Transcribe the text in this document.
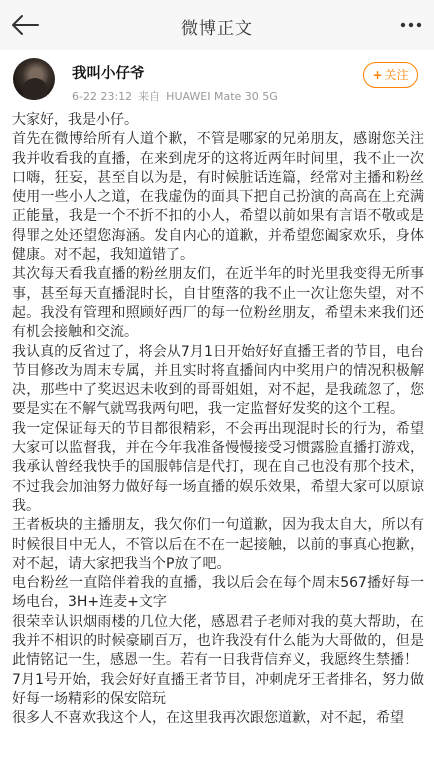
微博正文
我叫小仔爷
6-22 23:12 来自 HUAWEI Mate 30 5G
+ 关注

大家好，我是小仔。

首先在微博给所有人道个歉，不管是哪家的兄弟朋友，感谢您关注我并收看我的直播，在来到虎牙的这将近两年时间里，我不止一次口嗨，狂妄，甚至自以为是，有时候脏话连篇，经常对主播和粉丝使用一些小人之道，在我虚伪的面具下把自己扮演的高高在上充满正能量，我是一个不折不扣的小人，希望以前如果有言语不敬或是得罪之处还望您海涵。发自内心的道歉，并希望您阖家欢乐，身体健康。对不起，我知道错了。

其次每天看我直播的粉丝朋友们，在近半年的时光里我变得无所事事，甚至每天直播混时长，自甘堕落的我不止一次让您失望，对不起。我没有管理和照顾好西厂的每一位粉丝朋友，希望未来我们还有机会接触和交流。

我认真的反省过了，将会从7月1日开始好好直播王者的节目，电台节目修改为周末专属，并且实时将直播间内中奖用户的情况积极解决，那些中了奖迟迟未收到的哥哥姐姐，对不起，是我疏忽了，您要是实在不解气就骂我两句吧，我一定监督好发奖的这个工程。

我一定保证每天的节目都很精彩，不会再出现混时长的行为，希望大家可以监督我，并在今年我准备慢慢接受习惯露脸直播打游戏，我承认曾经我快手的国服韩信是代打，现在自己也没有那个技术，不过我会加油努力做好每一场直播的娱乐效果，希望大家可以原谅我。

王者板块的主播朋友，我欠你们一句道歉，因为我太自大，所以有时候很目中无人，不管以后在不在一起接触，以前的事真心抱歉，对不起，请大家把我当个P放了吧。

电台粉丝一直陪伴着我的直播，我以后会在每个周末567播好每一场电台，3H+连麦+文字

很荣幸认识烟雨楼的几位大佬，感恩君子老师对我的莫大帮助，在我并不相识的时候豪刷百万，也许我没有什么能为大哥做的，但是此情铭记一生，感恩一生。若有一日我背信弃义，我愿终生禁播！

7月1号开始，我会好好直播王者节目，冲刺虎牙王者排名，努力做好每一场精彩的保安陪玩

很多人不喜欢我这个人，在这里我再次跟您道歉，对不起，希望
